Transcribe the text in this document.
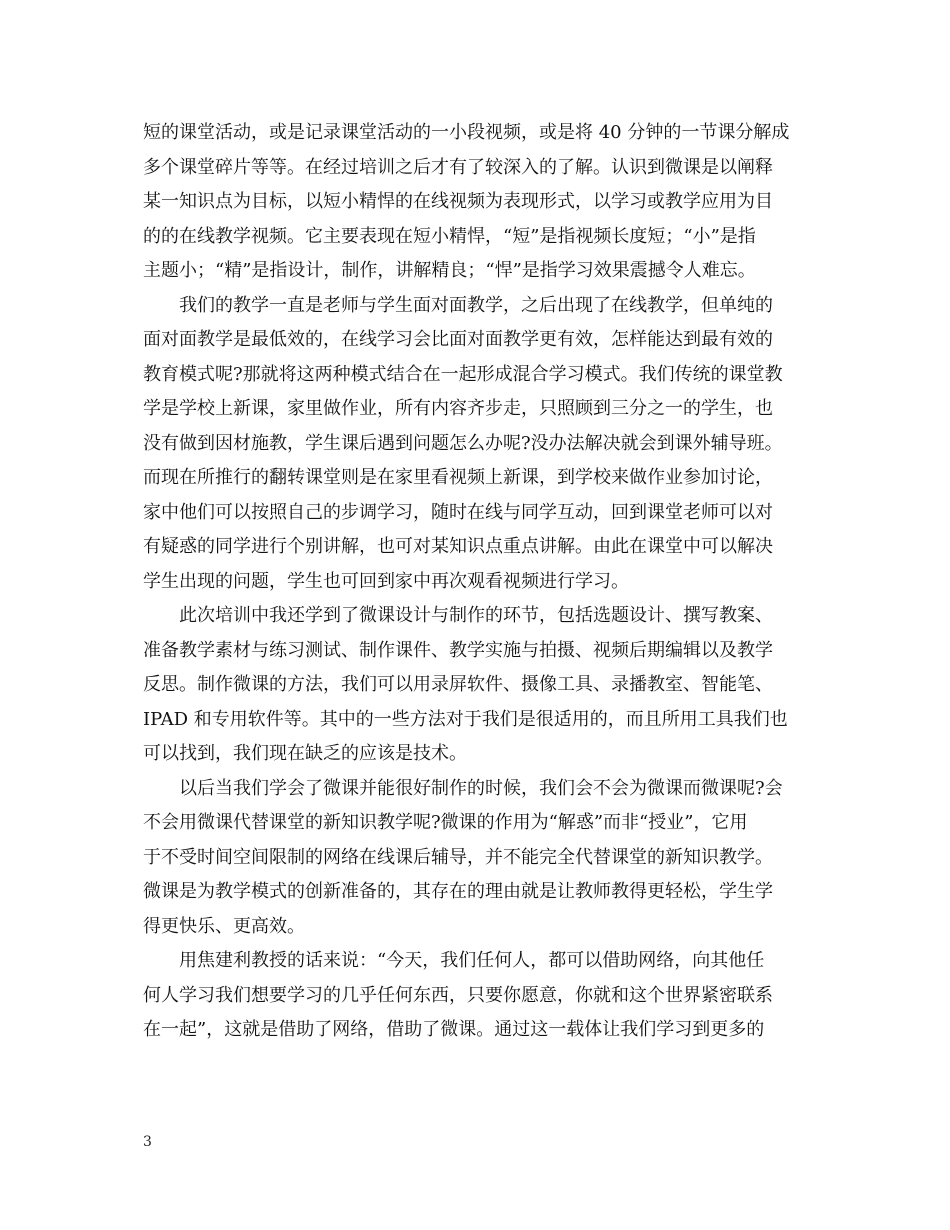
短的课堂活动，或是记录课堂活动的一小段视频，或是将 40 分钟的一节课分解成
多个课堂碎片等等。在经过培训之后才有了较深入的了解。认识到微课是以阐释
某一知识点为目标，以短小精悍的在线视频为表现形式，以学习或教学应用为目
的的在线教学视频。它主要表现在短小精悍，“短”是指视频长度短；“小”是指
主题小；“精”是指设计，制作，讲解精良；“悍”是指学习效果震撼令人难忘。
我们的教学一直是老师与学生面对面教学，之后出现了在线教学，但单纯的
面对面教学是最低效的，在线学习会比面对面教学更有效，怎样能达到最有效的
教育模式呢?那就将这两种模式结合在一起形成混合学习模式。我们传统的课堂教
学是学校上新课，家里做作业，所有内容齐步走，只照顾到三分之一的学生，也
没有做到因材施教，学生课后遇到问题怎么办呢?没办法解决就会到课外辅导班。
而现在所推行的翻转课堂则是在家里看视频上新课，到学校来做作业参加讨论，
家中他们可以按照自己的步调学习，随时在线与同学互动，回到课堂老师可以对
有疑惑的同学进行个别讲解，也可对某知识点重点讲解。由此在课堂中可以解决
学生出现的问题，学生也可回到家中再次观看视频进行学习。
此次培训中我还学到了微课设计与制作的环节，包括选题设计、撰写教案、
准备教学素材与练习测试、制作课件、教学实施与拍摄、视频后期编辑以及教学
反思。制作微课的方法，我们可以用录屏软件、摄像工具、录播教室、智能笔、
IPAD 和专用软件等。其中的一些方法对于我们是很适用的，而且所用工具我们也
可以找到，我们现在缺乏的应该是技术。
以后当我们学会了微课并能很好制作的时候，我们会不会为微课而微课呢?会
不会用微课代替课堂的新知识教学呢?微课的作用为“解惑”而非“授业”，它用
于不受时间空间限制的网络在线课后辅导，并不能完全代替课堂的新知识教学。
微课是为教学模式的创新准备的，其存在的理由就是让教师教得更轻松，学生学
得更快乐、更高效。
用焦建利教授的话来说：“今天，我们任何人，都可以借助网络，向其他任
何人学习我们想要学习的几乎任何东西，只要你愿意，你就和这个世界紧密联系
在一起”，这就是借助了网络，借助了微课。通过这一载体让我们学习到更多的
3
